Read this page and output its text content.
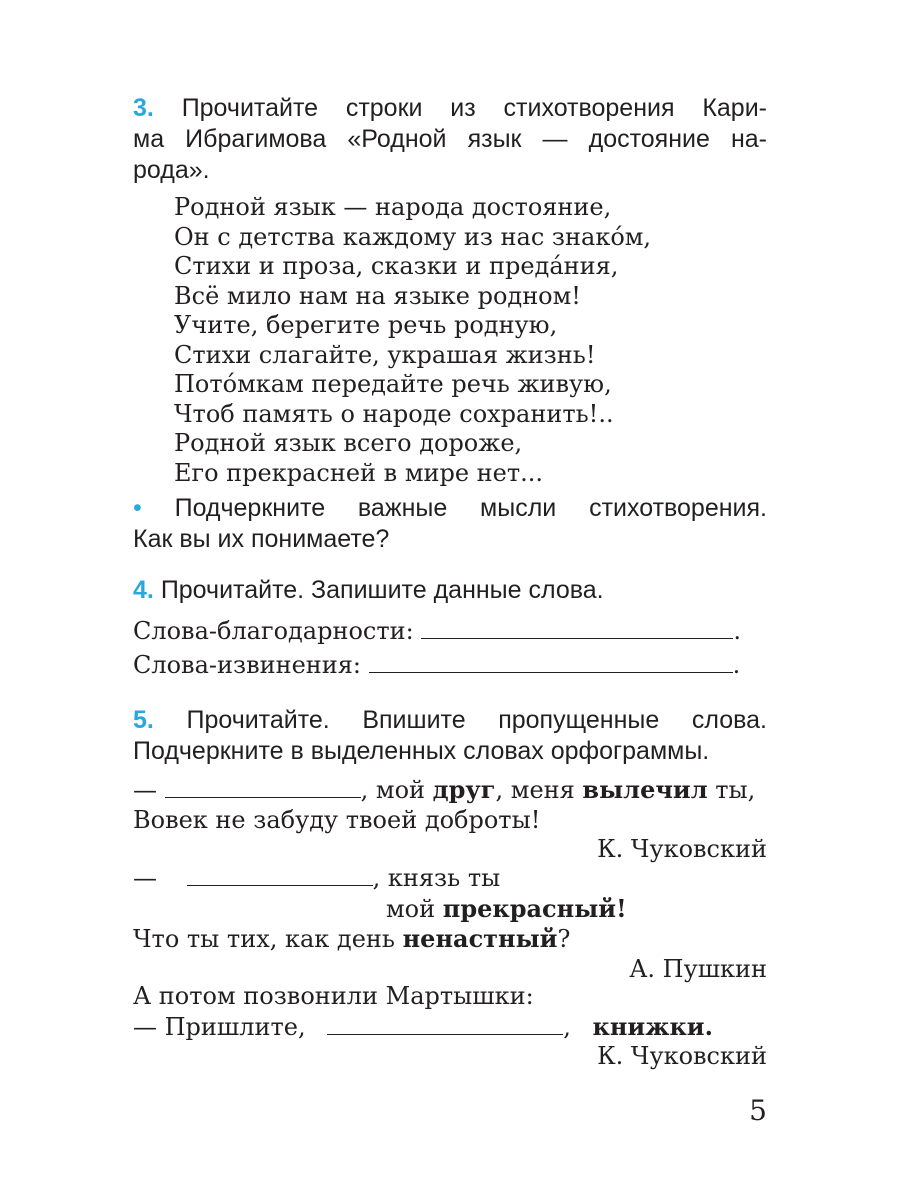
3. Прочитайте строки из стихотворения Кари-
ма Ибрагимова «Родной язык — достояние на-
рода».
Родной язык — народа достояние,
Он с детства каждому из нас знако́м,
Стихи и проза, сказки и преда́ния,
Всё мило нам на языке родном!
Учите, берегите речь родную,
Стихи слагайте, украшая жизнь!
Пото́мкам передайте речь живую,
Чтоб память о народе сохранить!..
Родной язык всего дороже,
Его прекрасней в мире нет...
• Подчеркните важные мысли стихотворения.
Как вы их понимаете?
4. Прочитайте. Запишите данные слова.
Слова-благодарности:	.
Слова-извинения:	.
5. Прочитайте. Впишите пропущенные слова.
Подчеркните в выделенных словах орфограммы.
—	, мой друг, меня вылечил ты,
Вовек не забуду твоей доброты!
К. Чуковский
—	, князь ты
мой прекрасный!
Что ты тих, как день ненастный?
А. Пушкин
А потом позвонили Мартышки:
— Пришлите,	, книжки.
К. Чуковский
5
